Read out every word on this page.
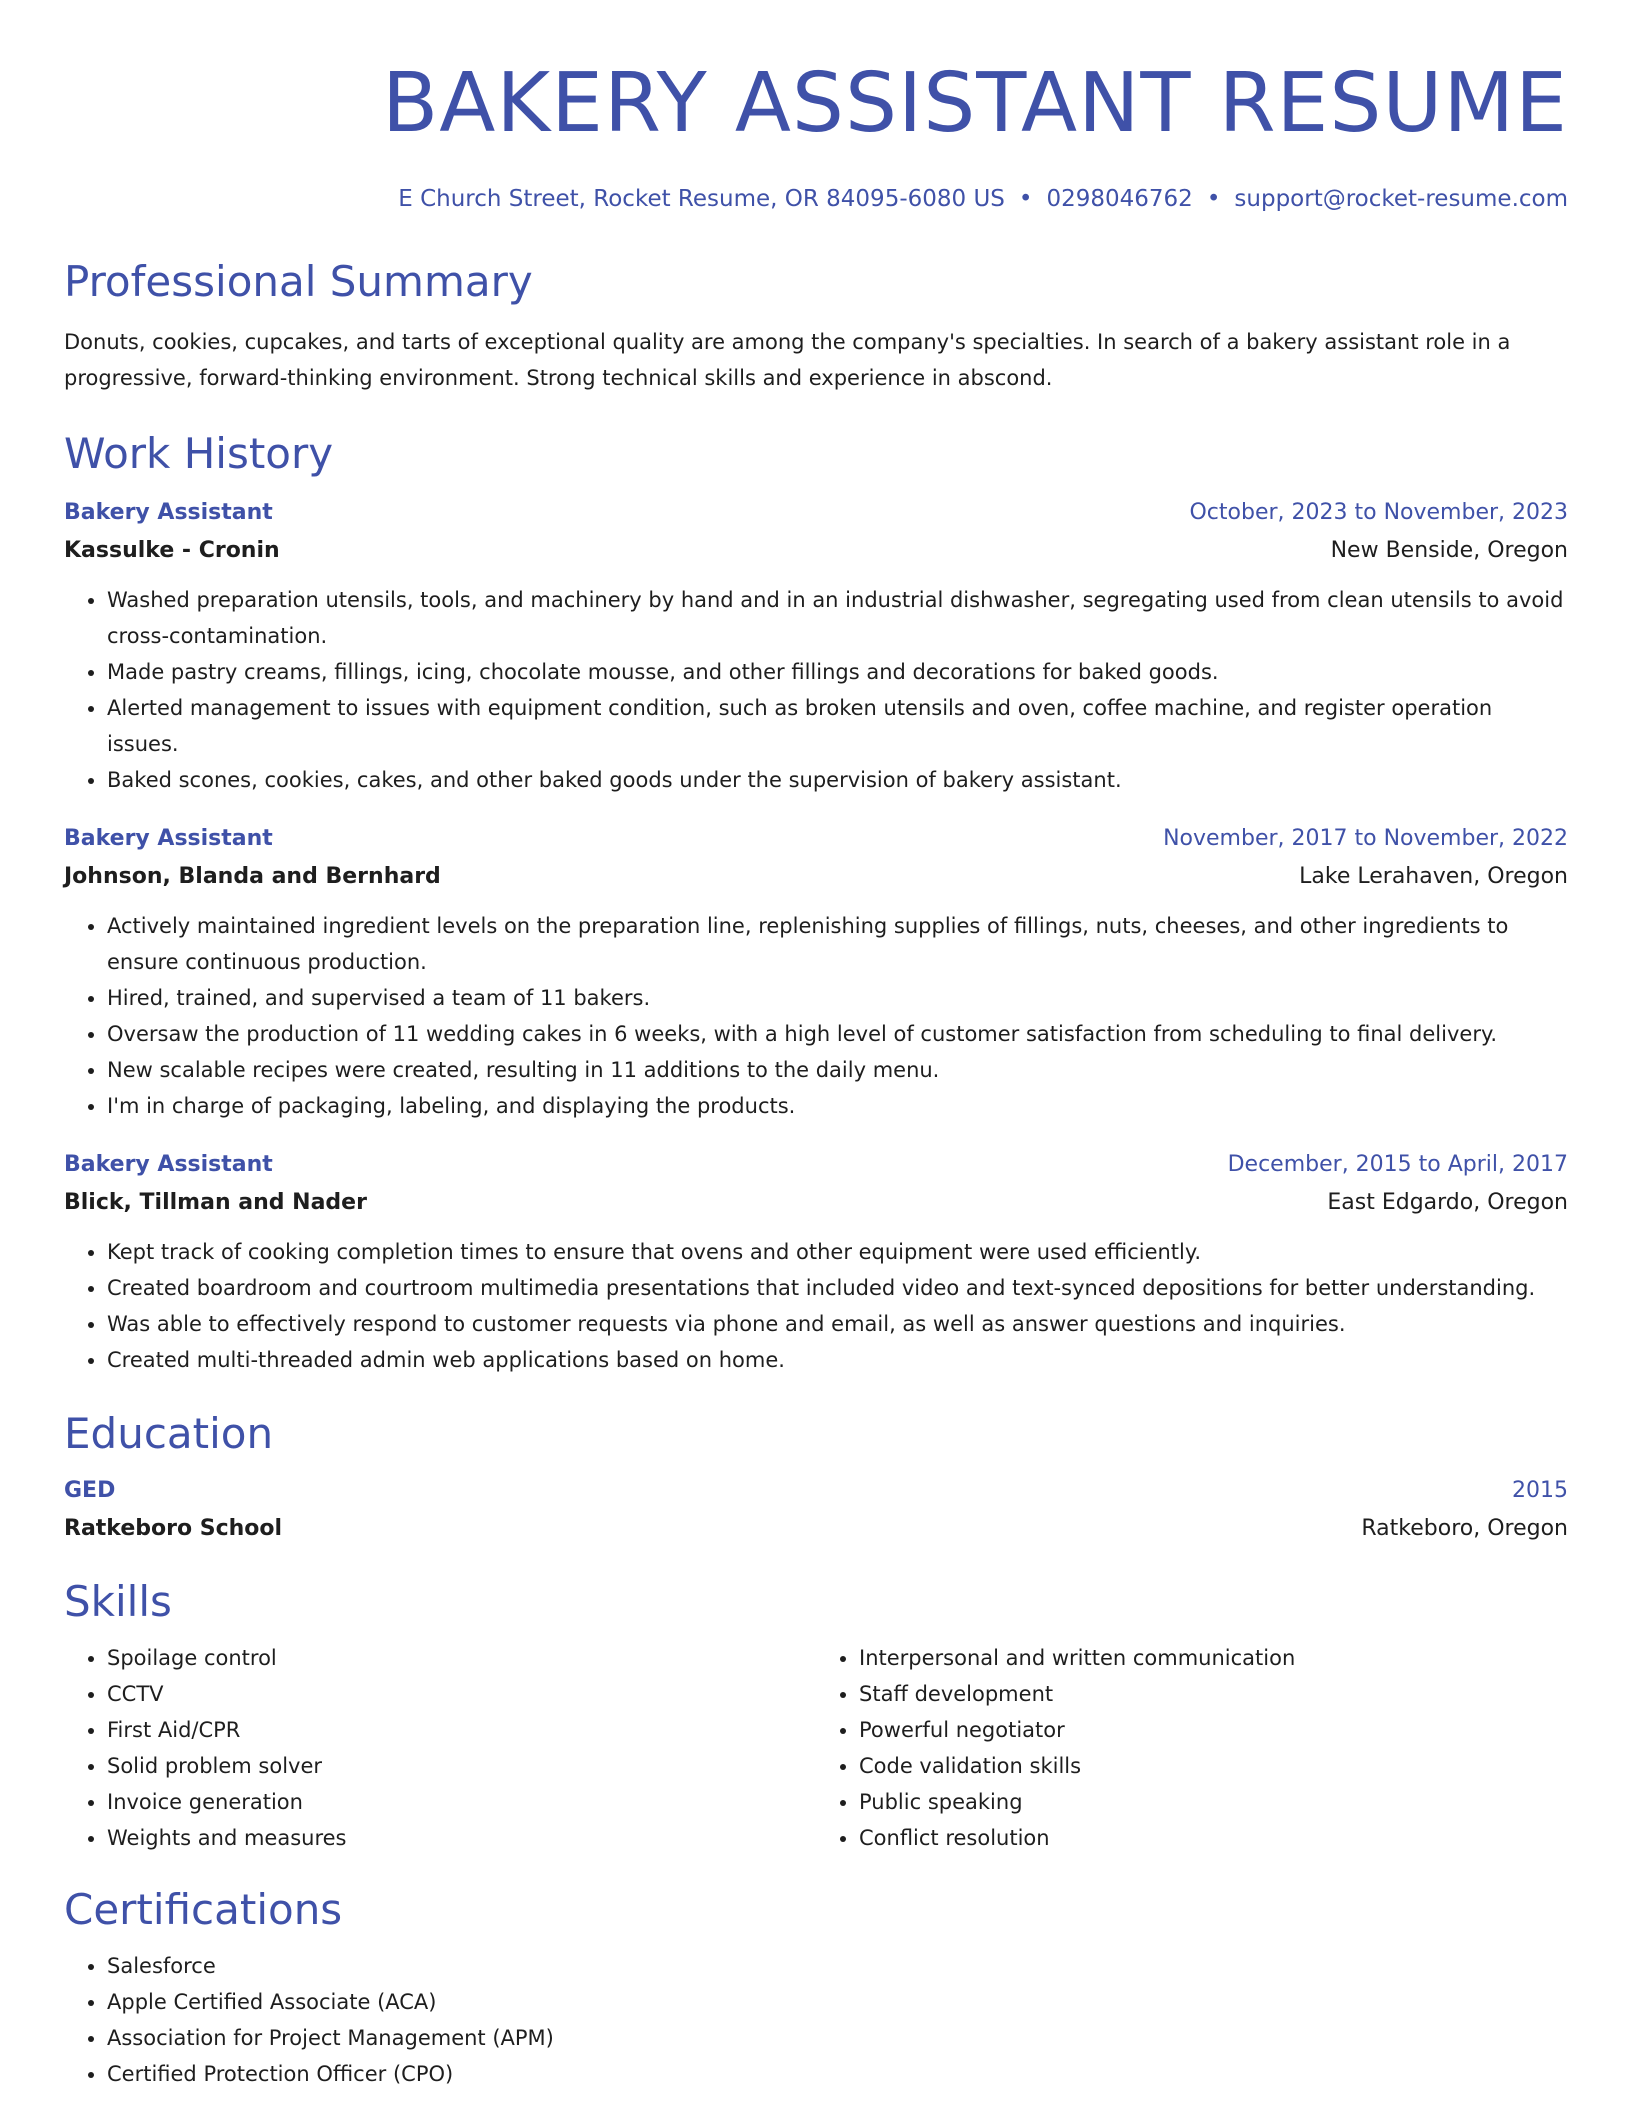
BAKERY ASSISTANT RESUME
E Church Street, Rocket Resume, OR 84095-6080 US • 0298046762 • support@rocket-resume.com
Professional Summary

Donuts, cookies, cupcakes, and tarts of exceptional quality are among the company's specialties. In search of a bakery assistant role in a progressive, forward-thinking environment. Strong technical skills and experience in abscond.

Work History
Bakery Assistant	October, 2023 to November, 2023
Kassulke - Cronin	New Benside, Oregon
• Washed preparation utensils, tools, and machinery by hand and in an industrial dishwasher, segregating used from clean utensils to avoid cross-contamination.
• Made pastry creams, fillings, icing, chocolate mousse, and other fillings and decorations for baked goods.
• Alerted management to issues with equipment condition, such as broken utensils and oven, coffee machine, and register operation issues.
• Baked scones, cookies, cakes, and other baked goods under the supervision of bakery assistant.
Bakery Assistant	November, 2017 to November, 2022
Johnson, Blanda and Bernhard	Lake Lerahaven, Oregon
• Actively maintained ingredient levels on the preparation line, replenishing supplies of fillings, nuts, cheeses, and other ingredients to ensure continuous production.
• Hired, trained, and supervised a team of 11 bakers.
• Oversaw the production of 11 wedding cakes in 6 weeks, with a high level of customer satisfaction from scheduling to final delivery.
• New scalable recipes were created, resulting in 11 additions to the daily menu.
• I'm in charge of packaging, labeling, and displaying the products.
Bakery Assistant	December, 2015 to April, 2017
Blick, Tillman and Nader	East Edgardo, Oregon
• Kept track of cooking completion times to ensure that ovens and other equipment were used efficiently.
• Created boardroom and courtroom multimedia presentations that included video and text-synced depositions for better understanding.
• Was able to effectively respond to customer requests via phone and email, as well as answer questions and inquiries.
• Created multi-threaded admin web applications based on home.
Education
GED	2015
Ratkeboro School	Ratkeboro, Oregon
Skills
• Spoilage control
• CCTV
• First Aid/CPR
• Solid problem solver
• Invoice generation
• Weights and measures
• Interpersonal and written communication
• Staff development
• Powerful negotiator
• Code validation skills
• Public speaking
• Conflict resolution
Certifications
• Salesforce
• Apple Certified Associate (ACA)
• Association for Project Management (APM)
• Certified Protection Officer (CPO)
